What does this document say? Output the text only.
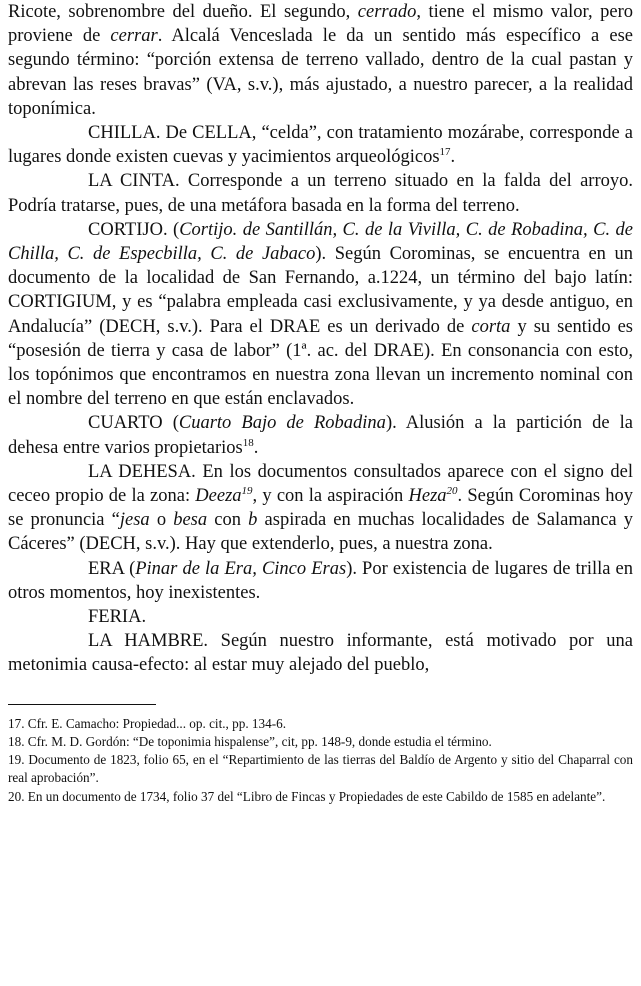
Ricote, sobrenombre del dueño. El segundo, cerrado, tiene el mismo valor, pero proviene de cerrar. Alcalá Venceslada le da un sentido más específico a ese segundo término: “porción extensa de terreno vallado, dentro de la cual pastan y abrevan las reses bravas” (VA, s.v.), más ajustado, a nuestro parecer, a la realidad toponímica.

CHILLA. De CELLA, “celda”, con tratamiento mozárabe, corresponde a lugares donde existen cuevas y yacimientos arqueológicos$^{17}$.

LA CINTA. Corresponde a un terreno situado en la falda del arroyo. Podría tratarse, pues, de una metáfora basada en la forma del terreno.

CORTIJO. (Cortijo. de Santillán, C. de la Vivilla, C. de Robadina, C. de Chilla, C. de Especbilla, C. de Jabaco). Según Corominas, se encuentra en un documento de la localidad de San Fernando, a.1224, un término del bajo latín: CORTIGIUM, y es “palabra empleada casi exclusivamente, y ya desde antiguo, en Andalucía” (DECH, s.v.). Para el DRAE es un derivado de corta y su sentido es “posesión de tierra y casa de labor” (1ª. ac. del DRAE). En consonancia con esto, los topónimos que encontramos en nuestra zona llevan un incremento nominal con el nombre del terreno en que están enclavados.

CUARTO (Cuarto Bajo de Robadina). Alusión a la partición de la dehesa entre varios propietarios$^{18}$.

LA DEHESA. En los documentos consultados aparece con el signo del ceceo propio de la zona: Deeza$^{19}$, y con la aspiración Heza$^{20}$. Según Corominas hoy se pronuncia “jesa o besa con b aspirada en muchas localidades de Salamanca y Cáceres” (DECH, s.v.). Hay que extenderlo, pues, a nuestra zona.

ERA (Pinar de la Era, Cinco Eras). Por existencia de lugares de trilla en otros momentos, hoy inexistentes.

FERIA.

LA HAMBRE. Según nuestro informante, está motivado por una metonimia causa-efecto: al estar muy alejado del pueblo,

17. Cfr. E. Camacho: Propiedad... op. cit., pp. 134-6.

18. Cfr. M. D. Gordón: “De toponimia hispalense”, cit, pp. 148-9, donde estudia el término.

19. Documento de 1823, folio 65, en el “Repartimiento de las tierras del Baldío de Argento y sitio del Chaparral con real aprobación”.

20. En un documento de 1734, folio 37 del “Libro de Fincas y Propiedades de este Cabildo de 1585 en adelante”.
